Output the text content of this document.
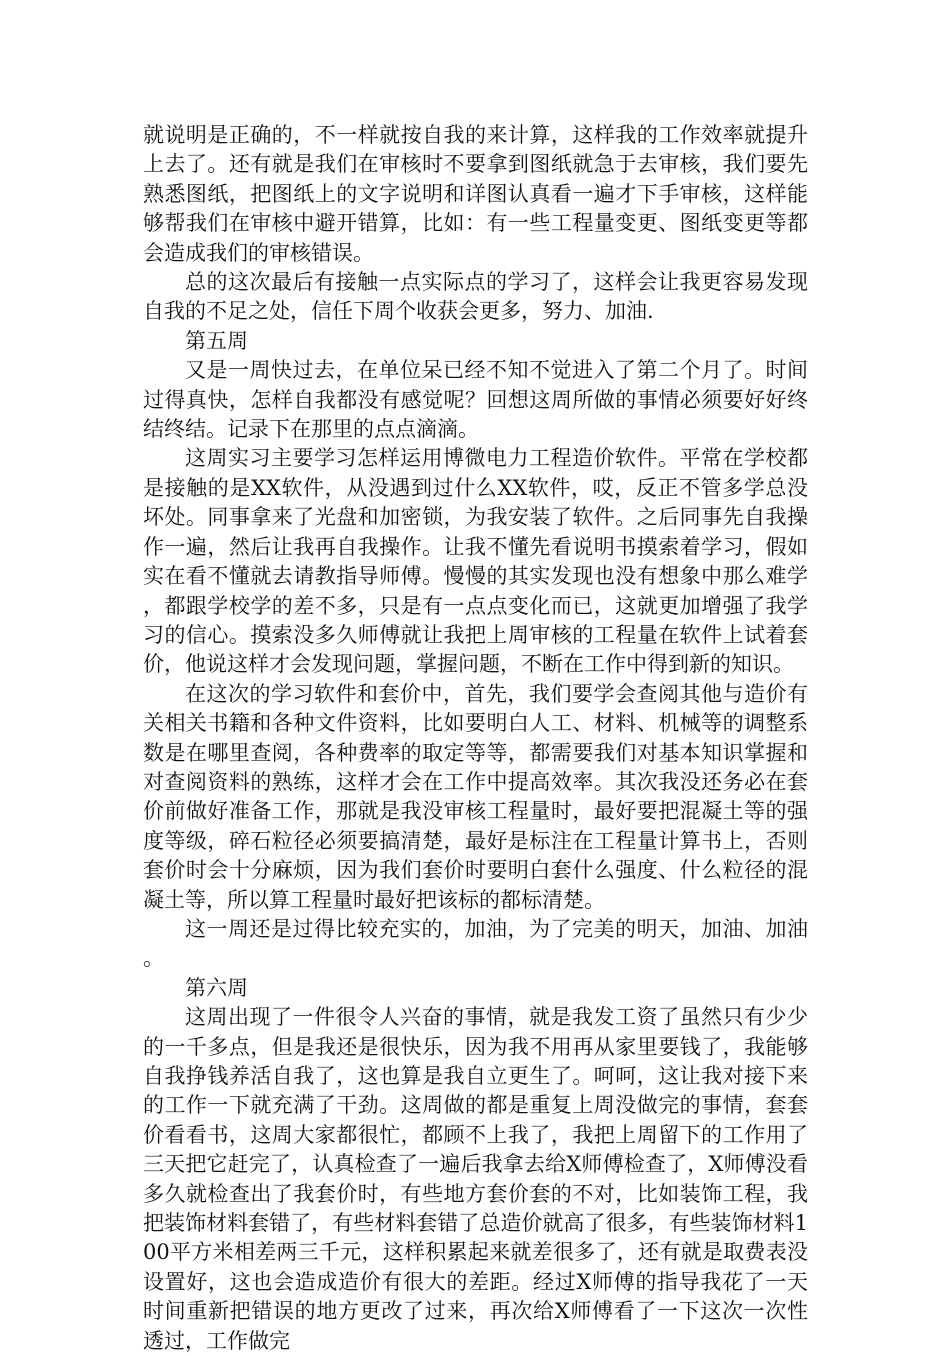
就说明是正确的，不一样就按自我的来计算，这样我的工作效率就提升上去了。还有就是我们在审核时不要拿到图纸就急于去审核，我们要先熟悉图纸，把图纸上的文字说明和详图认真看一遍才下手审核，这样能够帮我们在审核中避开错算，比如：有一些工程量变更、图纸变更等都会造成我们的审核错误。

总的这次最后有接触一点实际点的学习了，这样会让我更容易发现自我的不足之处，信任下周个收获会更多，努力、加油.

第五周

又是一周快过去，在单位呆已经不知不觉进入了第二个月了。时间过得真快，怎样自我都没有感觉呢？回想这周所做的事情必须要好好终结终结。记录下在那里的点点滴滴。

这周实习主要学习怎样运用博微电力工程造价软件。平常在学校都是接触的是XX软件，从没遇到过什么XX软件，哎，反正不管多学总没坏处。同事拿来了光盘和加密锁，为我安装了软件。之后同事先自我操作一遍，然后让我再自我操作。让我不懂先看说明书摸索着学习，假如实在看不懂就去请教指导师傅。慢慢的其实发现也没有想象中那么难学，都跟学校学的差不多，只是有一点点变化而已，这就更加增强了我学习的信心。摸索没多久师傅就让我把上周审核的工程量在软件上试着套价，他说这样才会发现问题，掌握问题，不断在工作中得到新的知识。

在这次的学习软件和套价中，首先，我们要学会查阅其他与造价有关相关书籍和各种文件资料，比如要明白人工、材料、机械等的调整系数是在哪里查阅，各种费率的取定等等，都需要我们对基本知识掌握和对查阅资料的熟练，这样才会在工作中提高效率。其次我没还务必在套价前做好准备工作，那就是我没审核工程量时，最好要把混凝土等的强度等级，碎石粒径必须要搞清楚，最好是标注在工程量计算书上，否则套价时会十分麻烦，因为我们套价时要明白套什么强度、什么粒径的混凝土等，所以算工程量时最好把该标的都标清楚。

这一周还是过得比较充实的，加油，为了完美的明天，加油、加油。

第六周

这周出现了一件很令人兴奋的事情，就是我发工资了虽然只有少少的一千多点，但是我还是很快乐，因为我不用再从家里要钱了，我能够自我挣钱养活自我了，这也算是我自立更生了。呵呵，这让我对接下来的工作一下就充满了干劲。这周做的都是重复上周没做完的事情，套套价看看书，这周大家都很忙，都顾不上我了，我把上周留下的工作用了三天把它赶完了，认真检查了一遍后我拿去给X师傅检查了，X师傅没看多久就检查出了我套价时，有些地方套价套的不对，比如装饰工程，我把装饰材料套错了，有些材料套错了总造价就高了很多，有些装饰材料100平方米相差两三千元，这样积累起来就差很多了，还有就是取费表没设置好，这也会造成造价有很大的差距。经过X师傅的指导我花了一天时间重新把错误的地方更改了过来，再次给X师傅看了一下这次一次性透过，工作做完
